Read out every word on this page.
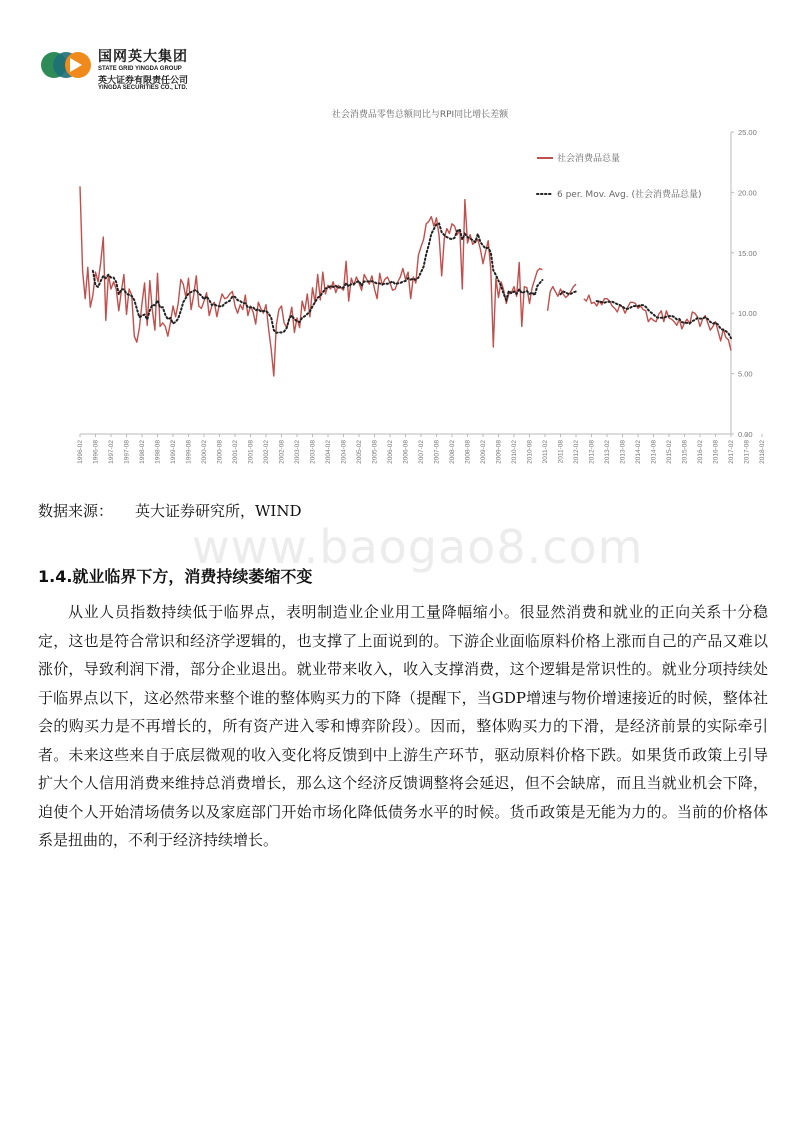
国网英大集团
STATE GRID YINGDA GROUP
英大证券有限责任公司
YINGDA SECURITIES CO., LTD.
社会消费品零售总额同比与RPI同比增长差额
0.00
5.00
10.00
15.00
20.00
25.00
1996-02 1996-08 1997-02 1997-08 1998-02 1998-08 1999-02 1999-08 2000-02 2000-08 2001-02 2001-08 2002-02 2002-08 2003-02 2003-08 2004-02 2004-08 2005-02 2005-08 2006-02 2006-08 2007-02 2007-08 2008-02 2008-08 2009-02 2009-08 2010-02 2010-08 2011-02 2011-08 2012-02 2012-08 2013-02 2013-08 2014-02 2014-08 2015-02 2015-08 2016-02 2016-08 2017-02 2017-08 2018-02
社会消费品总量
6 per. Mov. Avg. (社会消费品总量)
数据来源： 英大证券研究所，WIND
www.baogao8.com
1.4.就业临界下方，消费持续萎缩不变
从业人员指数持续低于临界点，表明制造业企业用工量降幅缩小。很显然消费和就业的正向关系十分稳定，这也是符合常识和经济学逻辑的，也支撑了上面说到的。下游企业面临原料价格上涨而自己的产品又难以涨价，导致利润下滑，部分企业退出。就业带来收入，收入支撑消费，这个逻辑是常识性的。就业分项持续处于临界点以下，这必然带来整个谁的整体购买力的下降（提醒下，当GDP增速与物价增速接近的时候，整体社会的购买力是不再增长的，所有资产进入零和博弈阶段）。因而，整体购买力的下滑，是经济前景的实际牵引者。未来这些来自于底层微观的收入变化将反馈到中上游生产环节，驱动原料价格下跌。如果货币政策上引导扩大个人信用消费来维持总消费增长，那么这个经济反馈调整将会延迟，但不会缺席，而且当就业机会下降，迫使个人开始清场债务以及家庭部门开始市场化降低债务水平的时候。货币政策是无能为力的。当前的价格体系是扭曲的，不利于经济持续增长。
